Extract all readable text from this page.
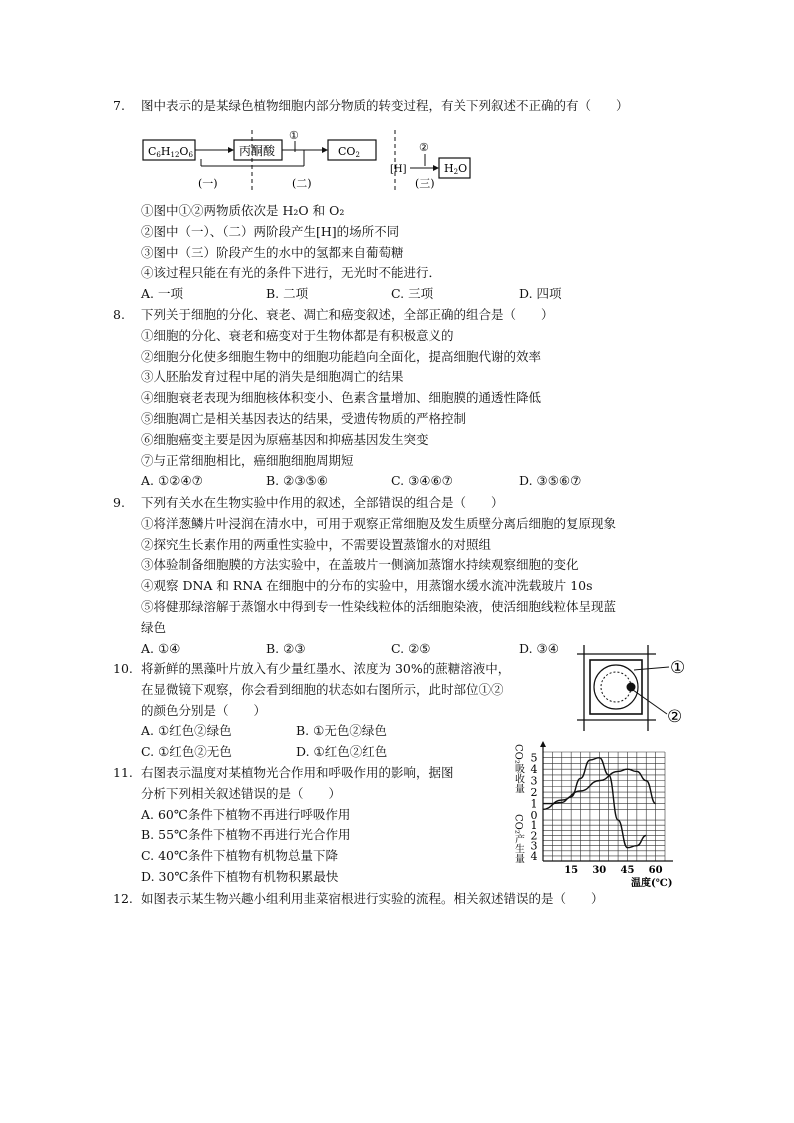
7. 图中表示的是某绿色植物细胞内部分物质的转变过程，有关下列叙述不正确的有（　　）
C6H12O6	丙酮酸
①
CO2
[H]
②
H2O
(一)	(二)	(三)
①图中①②两物质依次是 H₂O 和 O₂
②图中（一）、（二）两阶段产生[H]的场所不同
③图中（三）阶段产生的水中的氢都来自葡萄糖
④该过程只能在有光的条件下进行，无光时不能进行．
A. 一项	B. 二项	C. 三项	D. 四项
8. 下列关于细胞的分化、衰老、凋亡和癌变叙述，全部正确的组合是（　　）
①细胞的分化、衰老和癌变对于生物体都是有积极意义的
②细胞分化使多细胞生物中的细胞功能趋向全面化，提高细胞代谢的效率
③人胚胎发育过程中尾的消失是细胞凋亡的结果
④细胞衰老表现为细胞核体积变小、色素含量增加、细胞膜的通透性降低
⑤细胞凋亡是相关基因表达的结果，受遗传物质的严格控制
⑥细胞癌变主要是因为原癌基因和抑癌基因发生突变
⑦与正常细胞相比，癌细胞细胞周期短
A. ①②④⑦	B. ②③⑤⑥	C. ③④⑥⑦	D. ③⑤⑥⑦
9. 下列有关水在生物实验中作用的叙述，全部错误的组合是（　　）
①将洋葱鳞片叶浸润在清水中，可用于观察正常细胞及发生质壁分离后细胞的复原现象
②探究生长素作用的两重性实验中，不需要设置蒸馏水的对照组
③体验制备细胞膜的方法实验中，在盖玻片一侧滴加蒸馏水持续观察细胞的变化
④观察 DNA 和 RNA 在细胞中的分布的实验中，用蒸馏水缓水流冲洗载玻片 10s
⑤将健那绿溶解于蒸馏水中得到专一性染线粒体的活细胞染液，使活细胞线粒体呈现蓝
绿色
A. ①④	B. ②③	C. ②⑤	D. ③④
10. 将新鲜的黑藻叶片放入有少量红墨水、浓度为 30%的蔗糖溶液中，
在显微镜下观察，你会看到细胞的状态如右图所示，此时部位①②
的颜色分别是（　　）
A. ①红色②绿色	B. ①无色②绿色
C. ①红色②无色	D. ①红色②红色
①
②
11. 右图表示温度对某植物光合作用和呼吸作用的影响，据图
分析下列相关叙述错误的是（　　）
A. 60℃条件下植物不再进行呼吸作用
B. 55℃条件下植物不再进行光合作用
C. 40℃条件下植物有机物总量下降
D. 30℃条件下植物有机物积累最快
5
4
3
2
1
0
1
2
3
4
15 30 45 60
CO₂吸收量
CO₂产生量
温度(℃)
12. 如图表示某生物兴趣小组利用韭菜宿根进行实验的流程。相关叙述错误的是（　　）
